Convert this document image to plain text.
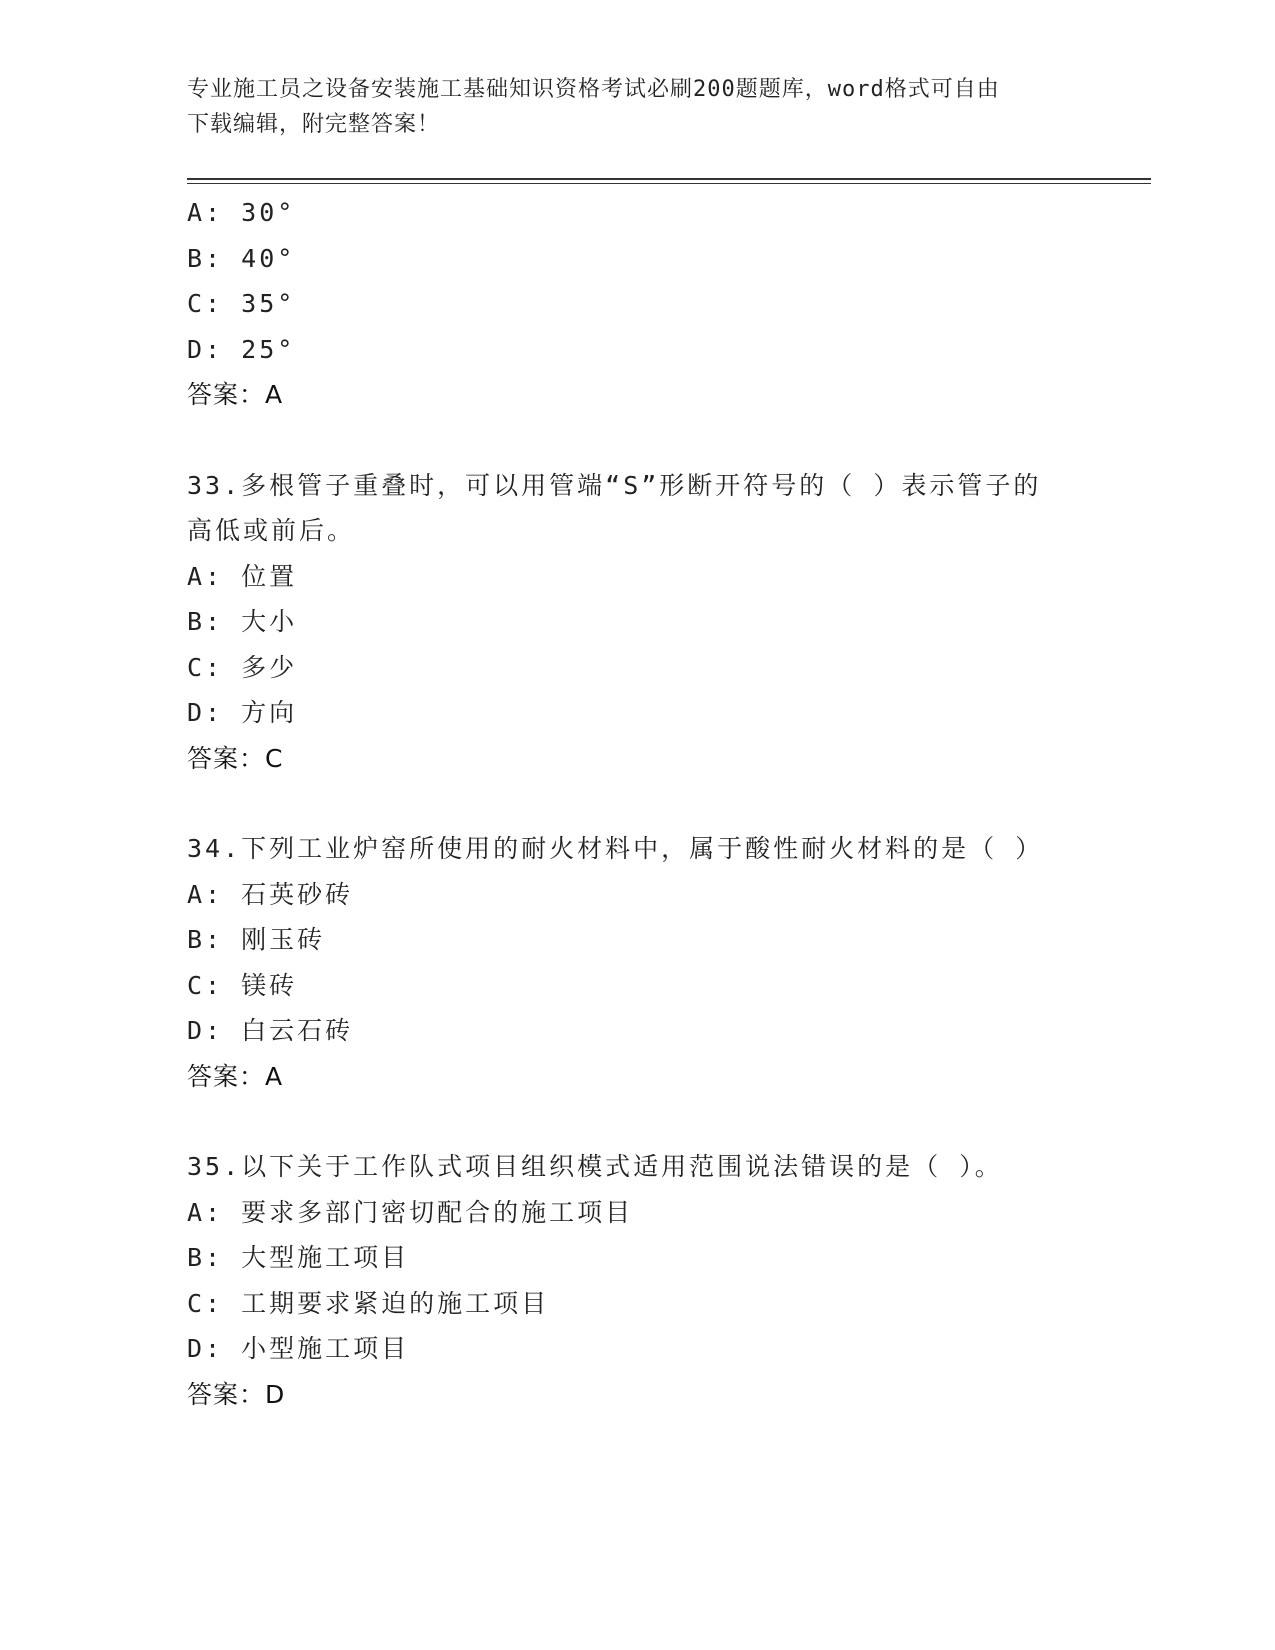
专业施工员之设备安装施工基础知识资格考试必刷200题题库，word格式可自由
下载编辑，附完整答案！
A: 30°
B: 40°
C: 35°
D: 25°
答案：A
33.多根管子重叠时，可以用管端“S”形断开符号的（ ）表示管子的
高低或前后。
A: 位置
B: 大小
C: 多少
D: 方向
答案：C
34.下列工业炉窑所使用的耐火材料中，属于酸性耐火材料的是（ ）
A: 石英砂砖
B: 刚玉砖
C: 镁砖
D: 白云石砖
答案：A
35.以下关于工作队式项目组织模式适用范围说法错误的是（ ）。
A: 要求多部门密切配合的施工项目
B: 大型施工项目
C: 工期要求紧迫的施工项目
D: 小型施工项目
答案：D
